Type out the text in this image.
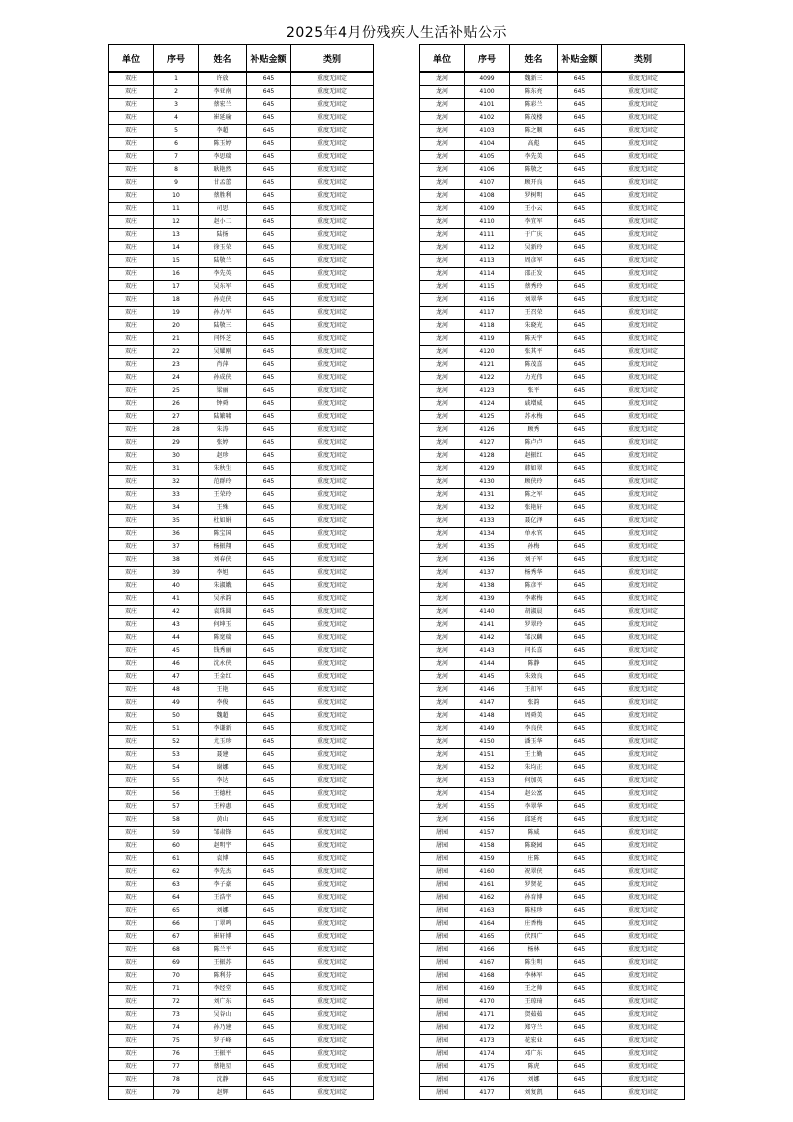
2025年4月份残疾人生活补贴公示
单位	序号	姓名	补贴金额	类别
双庄	1	许放	645	重度无固定
双庄	2	李亚南	645	重度无固定
双庄	3	蔡宏兰	645	重度无固定
双庄	4	崔延瑜	645	重度无固定
双庄	5	李超	645	重度无固定
双庄	6	陈玉婷	645	重度无固定
双庄	7	李思瑞	645	重度无固定
双庄	8	耿艳然	645	重度无固定
双庄	9	甘孟蕾	645	重度无固定
双庄	10	蔡胜利	645	重度无固定
双庄	11	司思	645	重度无固定
双庄	12	赵小二	645	重度无固定
双庄	13	陆扬	645	重度无固定
双庄	14	徐玉荣	645	重度无固定
双庄	15	陆敬兰	645	重度无固定
双庄	16	李先英	645	重度无固定
双庄	17	吴东军	645	重度无固定
双庄	18	孙克侠	645	重度无固定
双庄	19	孙力军	645	重度无固定
双庄	20	陆敬三	645	重度无固定
双庄	21	闫怀芝	645	重度无固定
双庄	22	吴耀刚	645	重度无固定
双庄	23	肖萍	645	重度无固定
双庄	24	孙成侠	645	重度无固定
双庄	25	梁丽	645	重度无固定
双庄	26	钟舜	645	重度无固定
双庄	27	陆繁啸	645	重度无固定
双庄	28	朱涛	645	重度无固定
双庄	29	张婷	645	重度无固定
双庄	30	赵珍	645	重度无固定
双庄	31	朱秋生	645	重度无固定
双庄	32	范群玲	645	重度无固定
双庄	33	王荣玲	645	重度无固定
双庄	34	王殊	645	重度无固定
双庄	35	杜如娟	645	重度无固定
双庄	36	陈宝国	645	重度无固定
双庄	37	杨振翔	645	重度无固定
双庄	38	刘春侠	645	重度无固定
双庄	39	李旭	645	重度无固定
双庄	40	朱淑娥	645	重度无固定
双庄	41	吴承韵	645	重度无固定
双庄	42	袁珠圆	645	重度无固定
双庄	43	何坤玉	645	重度无固定
双庄	44	陈宽瑞	645	重度无固定
双庄	45	钱秀丽	645	重度无固定
双庄	46	沈永侠	645	重度无固定
双庄	47	王金红	645	重度无固定
双庄	48	王艳	645	重度无固定
双庄	49	李俊	645	重度无固定
双庄	50	魏超	645	重度无固定
双庄	51	李谦新	645	重度无固定
双庄	52	尤玉珍	645	重度无固定
双庄	53	聂建	645	重度无固定
双庄	54	谢娜	645	重度无固定
双庄	55	李达	645	重度无固定
双庄	56	王德柱	645	重度无固定
双庄	57	王梓惠	645	重度无固定
双庄	58	黄山	645	重度无固定
双庄	59	邹肃锋	645	重度无固定
双庄	60	赵明宇	645	重度无固定
双庄	61	袁博	645	重度无固定
双庄	62	李先杰	645	重度无固定
双庄	63	李子豪	645	重度无固定
双庄	64	王浩宇	645	重度无固定
双庄	65	刘娜	645	重度无固定
双庄	66	丁翠鸣	645	重度无固定
双庄	67	崔轩博	645	重度无固定
双庄	68	陈兰平	645	重度无固定
双庄	69	王振苏	645	重度无固定
双庄	70	陈利芬	645	重度无固定
双庄	71	李经堂	645	重度无固定
双庄	72	刘广东	645	重度无固定
双庄	73	吴谷山	645	重度无固定
双庄	74	孙乃建	645	重度无固定
双庄	75	罗子峰	645	重度无固定
双庄	76	王振平	645	重度无固定
双庄	77	蔡艳星	645	重度无固定
双庄	78	沈静	645	重度无固定
双庄	79	赵辉	645	重度无固定
单位	序号	姓名	补贴金额	类别
龙河	4099	魏新三	645	重度无固定
龙河	4100	陈东亮	645	重度无固定
龙河	4101	陈彩兰	645	重度无固定
龙河	4102	陈茂楼	645	重度无固定
龙河	4103	陈之顺	645	重度无固定
龙河	4104	高彪	645	重度无固定
龙河	4105	李先美	645	重度无固定
龙河	4106	陈敬之	645	重度无固定
龙河	4107	顾开良	645	重度无固定
龙河	4108	罗树明	645	重度无固定
龙河	4109	王小云	645	重度无固定
龙河	4110	李宜军	645	重度无固定
龙河	4111	于广庆	645	重度无固定
龙河	4112	吴新玲	645	重度无固定
龙河	4113	周彦军	645	重度无固定
龙河	4114	邵正发	645	重度无固定
龙河	4115	蔡秀玲	645	重度无固定
龙河	4116	刘翠华	645	重度无固定
龙河	4117	王召荣	645	重度无固定
龙河	4118	朱晓光	645	重度无固定
龙河	4119	陈天宇	645	重度无固定
龙河	4120	张其平	645	重度无固定
龙河	4121	陈茂喜	645	重度无固定
龙河	4122	力光伟	645	重度无固定
龙河	4123	张平	645	重度无固定
龙河	4124	戚增威	645	重度无固定
龙河	4125	苏永梅	645	重度无固定
龙河	4126	顾秀	645	重度无固定
龙河	4127	陈卢卢	645	重度无固定
龙河	4128	赵振红	645	重度无固定
龙河	4129	韩如翠	645	重度无固定
龙河	4130	顾侠玲	645	重度无固定
龙河	4131	陈之军	645	重度无固定
龙河	4132	张艳轩	645	重度无固定
龙河	4133	聂亿泽	645	重度无固定
龙河	4134	单永官	645	重度无固定
龙河	4135	孙梅	645	重度无固定
龙河	4136	刘子军	645	重度无固定
龙河	4137	杨秀华	645	重度无固定
龙河	4138	陈彦平	645	重度无固定
龙河	4139	李素梅	645	重度无固定
龙河	4140	胡淑晨	645	重度无固定
龙河	4141	罗翠玲	645	重度无固定
龙河	4142	邹汉麟	645	重度无固定
龙河	4143	闫长喜	645	重度无固定
龙河	4144	陈静	645	重度无固定
龙河	4145	朱效良	645	重度无固定
龙河	4146	王扣军	645	重度无固定
龙河	4147	张韵	645	重度无固定
龙河	4148	周舜美	645	重度无固定
龙河	4149	李良侠	645	重度无固定
龙河	4150	潘玉华	645	重度无固定
龙河	4151	王士勤	645	重度无固定
龙河	4152	朱均正	645	重度无固定
龙河	4153	何加英	645	重度无固定
龙河	4154	赵公富	645	重度无固定
龙河	4155	李翠华	645	重度无固定
龙河	4156	邱延亮	645	重度无固定
屠园	4157	陈威	645	重度无固定
屠园	4158	陈晓园	645	重度无固定
屠园	4159	庄陈	645	重度无固定
屠园	4160	祝翠侠	645	重度无固定
屠园	4161	罗贤花	645	重度无固定
屠园	4162	孙育博	645	重度无固定
屠园	4163	陈桂珍	645	重度无固定
屠园	4164	庄香梅	645	重度无固定
屠园	4165	伏四广	645	重度无固定
屠园	4166	杨林	645	重度无固定
屠园	4167	陈生明	645	重度无固定
屠园	4168	李林军	645	重度无固定
屠园	4169	王之帅	645	重度无固定
屠园	4170	王琼琦	645	重度无固定
屠园	4171	贺茹茹	645	重度无固定
屠园	4172	郑守兰	645	重度无固定
屠园	4173	花宏业	645	重度无固定
屠园	4174	邓广东	645	重度无固定
屠园	4175	陈虎	645	重度无固定
屠园	4176	刘娜	645	重度无固定
屠园	4177	刘复凯	645	重度无固定
